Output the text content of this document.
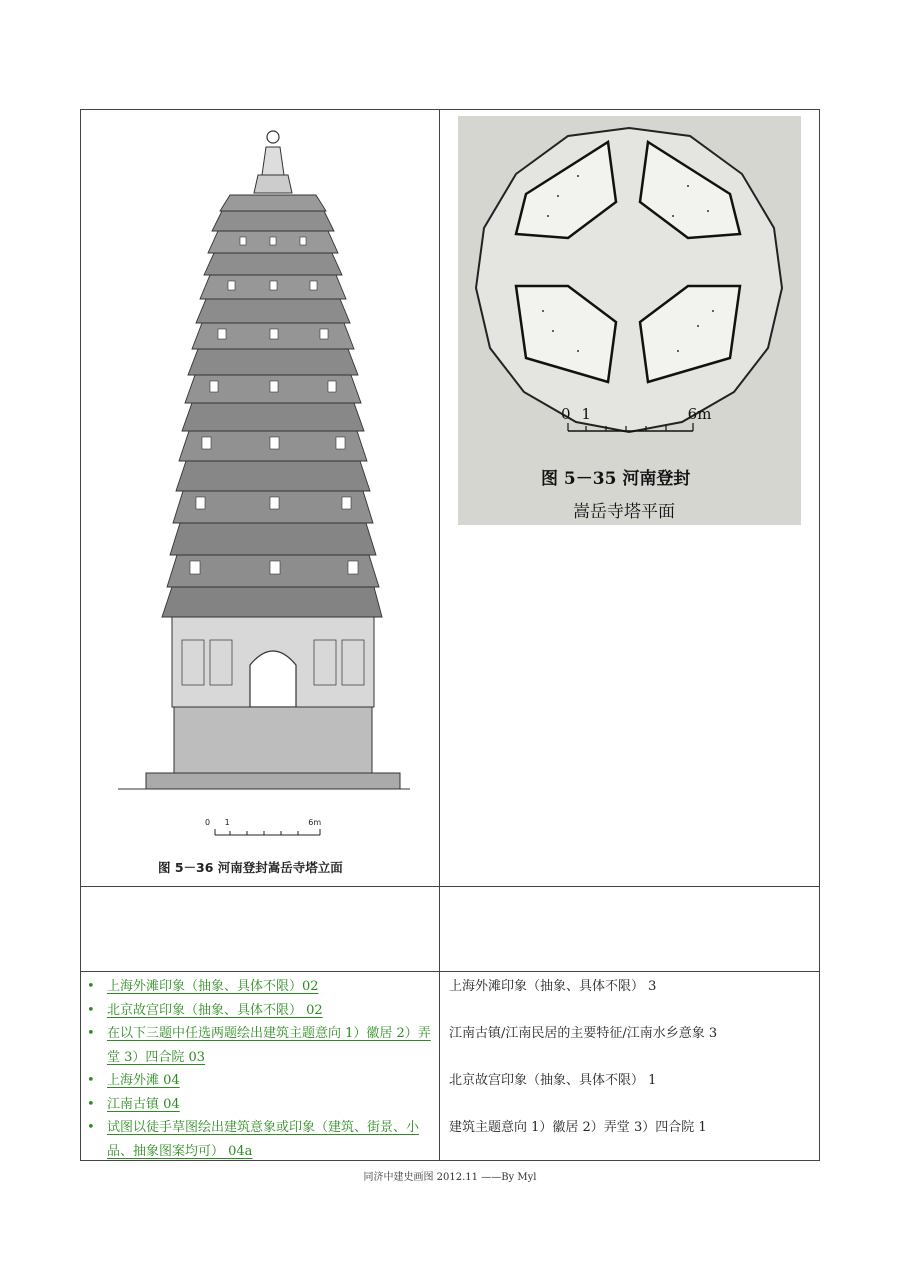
0 1	6m
图 5－36 河南登封嵩岳寺塔立面
0 1	6m
图 5－35 河南登封
嵩岳寺塔平面
• 上海外滩印象（抽象、具体不限）02
• 北京故宫印象（抽象、具体不限） 02
• 在以下三题中任选两题绘出建筑主题意向 1）徽居 2）弄堂 3）四合院 03
• 上海外滩 04
• 江南古镇 04
• 试图以徒手草图绘出建筑意象或印象（建筑、街景、小品、抽象图案均可） 04a
上海外滩印象（抽象、具体不限） 3
江南古镇/江南民居的主要特征/江南水乡意象 3
北京故宫印象（抽象、具体不限） 1
建筑主题意向 1）徽居 2）弄堂 3）四合院 1
同济中建史画图 2012.11 ——By Myl
